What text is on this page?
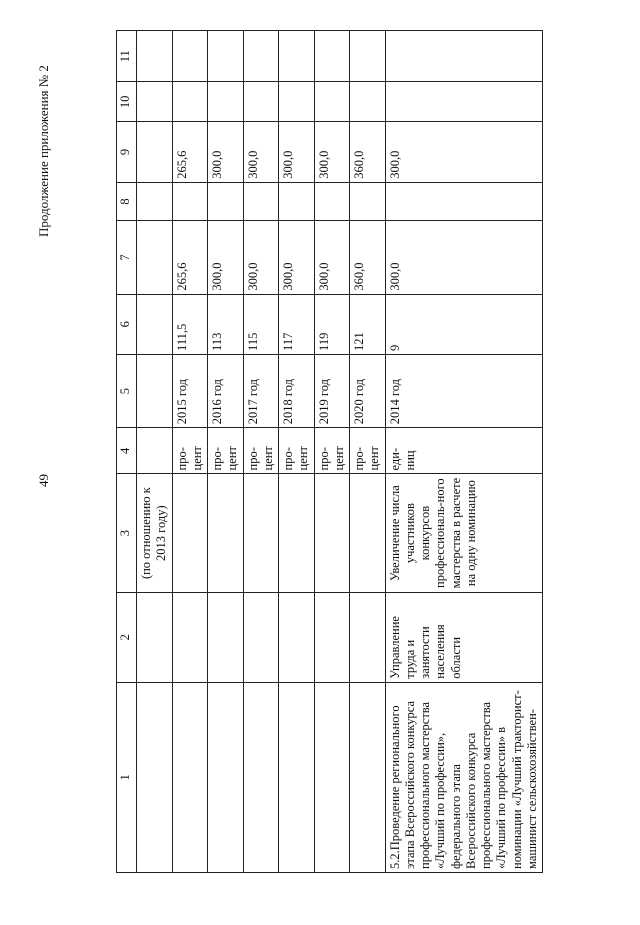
49
Продолжение приложения № 2
1	2	3	4	5	6	7	8	9	10	11
		(по отношению к 2013 году)								
			про-цент	2015 год	111,5	265,6		265,6		
			про-цент	2016 год	113	300,0		300,0		
			про-цент	2017 год	115	300,0		300,0		
			про-цент	2018 год	117	300,0		300,0		
			про-цент	2019 год	119	300,0		300,0		
			про-цент	2020 год	121	360,0		360,0		
5.2.Проведение регионального этапа Всероссийского конкурса профессионального мастерства «Лучший по профессии», федерального этапа Всероссийского конкурса профессионального мастерства «Лучший по профессии» в номинации «Лучший тракторист-машинист сельскохозяйствен-	Управление труда и занятости населения области	Увеличение числа участников конкурсов профессиональ-ного мастерства в расчете на одну номинацию	еди-ниц	2014 год	9	300,0		300,0		
